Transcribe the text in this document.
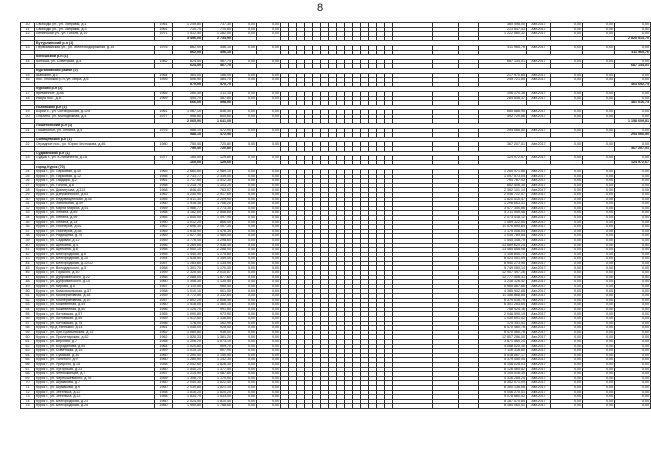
8
10	Свободы ул., ул. Заправы, д.1	1961	1 249,80	737,30	0,00	0,00																		365 498,00	Авг.2017	0,00	0,00	0,00	
11	Свободы ул., ул. Заправы, д.3	1961	734,70	714,60	0,00	0,00																		213 847,43	Авг.2017	0,00	0,00	0,00	
12	Ленинская ул., ул. Гоголя, д.10	1971	1 512,50	1 282,00	0,00	0,00																		1 222 560,32	Авг.2017	0,00	0,00	0,00	
			3 496,00	2 733,90																								2 820 513,70			
	Бутурлинский р-н (1)																												
13	Первомайская ул., ул. Железнодорожная, д.14	1976	862,00	456,10	0,00	0,00																		411 965,76	Авг.2017	0,00	0,00	0,00	
			862,00	456,10																								411 965,76			
	Коношский р-н (1)																												
14	Коноша, ул. Советская, д.5	1982	624,00	467,70	0,00	0,00																		687 134,01	Авг.2017	0,00	0,00	0,00	
			624,00	467,70																								687 134,01			
	Кургановский район (2)																												
15	Шапкино, д.1	1964	364,00	186,00	0,00	0,00																		217 970,85	Авг.2017	0,00	0,00	0,00	
16	пос. Лебяжий р-н, ул. Мира, д.6	1959	506,90	384,70	0,00	0,00																		245 721,89	Авг.2017	0,00	0,00	0,00	
			870,90	570,70																								463 692,74			
	Курский р-н (2)																												
17	Кремянное, д.88	1965	260,30	211,10	0,00	0,00																		196 170,36	Авг.2017	0,00	0,00	0,00	
18	Искра пос., д.8	1969	405,70	387,80	0,00	0,00																		284 846,37	Авг.2017	0,00	0,00	0,00	
			666,00	598,90																								481 016,73			
	Льговский р-н (2)																												
19	Борки с., ул. Октябрьская, д.125	1961	1 067,10	836,40	0,00	0,00																		665 888,95	Авг.2017	0,00	0,00	0,00	
20	Ольгино, ул. Молодёжная, д.4	1977	998,80	804,60	0,00	0,00																		492 720,86	Авг.2017	0,00	0,00	0,00	
			2 065,90	1 641,00																								1 158 609,81			
	Пошехонский р-н (1)																												
21	Пошехонье, ул. Ленина, д.5	1976	588,10	472,90	0,00	0,00																		294 066,50	Авг.2017	0,00	0,00	0,00	
			588,10	472,90																								294 066,50			
	Солнцевский р-н (1)																												
22	Отрадное пос., ул. Юрия Чеснокова, д.46	1980	750,40	720,80	0,00	0,00																		367 207,51	Авг.2017	0,00	0,00	0,00	
			750,40	720,80																								367 207,51			
	Суджанский р-н (1)																												
23	Суджа г., ул. К.Либкнехта, д.15	1977	160,00	129,60	0,00	0,00																		124 972,67	Авг.2017	0,00	0,00	0,00	
			160,00	129,60																								124 972,67			
	город Курск (70)																												
24	Курск г., ул. Парковая, д.40	1965	2 660,80	2 989,10	0,00	0,00																		1 255 971,68	Авг.2017	0,00	0,00	0,00	
25	Курск г., ул. Парковая, д.12	1958	2 733,77	2 339,00	0,00	0,00																		1 097 573,04	Авг.2017	0,00	0,00	0,00	
26	Курск г., ул. Гайдара, д.2	1961	1 717,60	1 512,30	0,00	0,00																		794 767,52	Авг.2017	0,00	0,00	0,00	
27	Курск г., ул. Гоголя, д.6	1958	1 215,70	1 103,20	0,00	0,00																		652 406,35	Авг.2017	0,00	0,00	0,00	
28	Курск г., ул. Димитрова, д.113	1968	846,40	763,07	0,00	0,00																		2 352 101,14	Авг.2017	0,00	0,00	0,00	
29	Курск г., ул. Дзержинского, д.63	1962	3 240,90	2 917,60	0,00	0,00																		2 046 722,07	Авг.2017	0,00	0,00	0,00	
30	Курск г., ул. Ендовищенская, д.35	1955	2 611,30	2 209,90	0,00	0,00																		1 820 510,47	Авг.2017	0,00	0,00	0,00	
31	Курск г., ул. Запольная, д.49	1960	1 916,30	1 708,20	0,00	0,00																		1 298 663,31	Авг.2017	0,00	0,00	0,00	
32	Курск г., ул. Карла Маркса, д.51	1959	1 986,77	1 773,30	0,00	0,00																		3 577 350,86	Авг.2017	0,00	0,00	0,00	
33	Курск г., ул. Ленина, д.89	1968	3 182,60	2 858,80	0,00	0,00																		5 211 059,48	Авг.2017	0,00	0,00	0,00	
34	Курск г., ул. Ленина, д.99	1965	1 640,00	1 497,90	0,00	0,00																		2 073 416,12	Авг.2017	0,00	0,00	0,00	
35	Курск г., ул. Ленина, д.14	1950	1 012,20	866,40	0,00	0,00																		1 069 322,64	Авг.2017	0,00	0,00	0,00	
36	Курск г., ул. Пионеров, д.62	1962	2 696,30	2 447,30	0,00	0,00																		11 576 695,84	Авг.2017	0,00	0,00	0,00	
37	Курск г., ул. Пионеров, д.58	1969	1 618,90	1 476,30	0,00	0,00																		1 175 006,04	Авг.2017	0,00	0,00	0,00	
38	Курск г., ул. Радищева, д.70	1969	1 627,40	1 485,50	0,00	0,00																		1 030 789,65	Авг.2017	0,00	0,00	0,00	
39	Курск г., ул. Садовая, д.12	1959	3 776,40	3 298,60	0,00	0,00																		1 545 348,75	Авг.2017	0,00	0,00	0,00	
40	Курск г., ул. Щепкина, д.4	1956	3 269,80	2 936,40	0,00	0,00																		13 689 620,24	Авг.2017	0,00	0,00	0,00	
41	Курск г., ул. Щепкина, д.6	1958	2 500,10	2 288,00	0,00	0,00																		13 465 858,98	Авг.2017	0,00	0,00	0,00	
42	Курск г., ул. Белгородская, д.8	1955	1 440,30	1 275,80	0,00	0,00																		1 108 840,72	Авг.2017	0,00	0,00	0,00	
43	Курск г., ул. Белгородская, д.10	1954	1 518,50	1 359,40	0,00	0,00																		8 423 051,49	Авг.2017	0,00	0,00	0,00	
44	Курск г., ул. Белгородская, д.12/12	1957	1 263,60	1 134,90	0,00	0,00																		8 940 273,95	Авг.2017	0,00	0,00	0,00	
45	Курск г., ул. Володарского, д.5	1958	1 301,70	1 170,30	0,00	0,00																		5 749 050,14	Авг.2017	0,00	0,00	0,00	
46	Курск г., ул. Горького, д.30	1959	2 326,40	2 010,87	0,00	0,00																		12 907 497,26	Авг.2017	0,00	0,00	0,00	
47	Курск г., ул. Дубровинского, д.22	1958	2 088,00	1 877,60	0,00	0,00																		12 777 506,41	Авг.2017	0,00	0,00	0,00	
48	Курск г., ул. Дубровинского, д.10	1960	1 306,30	1 135,50	0,00	0,00																		3 218 126,42	Авг.2017	0,00	0,00	0,00	
49	Курск г., ул. Кирова, д.8	1957	1 110,50	985,40	0,00	0,00																		5 960 567,66	Авг.2017	0,00	0,00	0,00	
50	Курск г., ул. Комсомольская, д.57	1958	1 010,10	901,50	0,00	0,00																		4 385 902,68	Авг.2017	0,00	0,00	0,00	
51	Курск г., ул. Кооперативная, д.18	1959	3 772,50	3 332,60	0,00	0,00																		11 356 868,85	Авг.2017	0,00	0,00	0,00	
52	Курск г., ул. Кооперативная, д.10	1957	2 802,20	2 506,30	0,00	0,00																		6 370 016,75	Авг.2017	0,00	0,00	0,00	
53	Курск г., ул. Кожевенная, д.54	1960	1 518,00	1 360,10	0,00	0,00																		6 301 283,64	Авг.2017	0,00	0,00	0,00	
54	Курск г., ул. Кожевенная, д.50	1956	1 126,70	991,60	0,00	0,00																		758 424,16	Авг.2017	0,00	0,00	0,00	
55	Курск г., ул. Литовская, д.57	1955	1 090,80	973,90	0,00	0,00																		2 046 590,19	Авг.2017	0,00	0,00	0,00	
56	Курск г., ул. Литовская, д.55	1959	1 512,60	1 338,80	0,00	0,00																		1 030 691,42	Авг.2017	0,00	0,00	0,00	
57	Курск г., ул. Литовская, д.75	1956	176,00	162,90	0,00	0,00																		175 351,51	Авг.2017	0,00	0,00	0,00	
58	Курск г., пр-д Узенький, д.14	1961	1 048,00	928,50	0,00	0,00																		6 470 460,78	Авг.2017	0,00	0,00	0,00	
59	Курск г., ул. Лрн.Братьевская, д.13	1962	1 060,80	936,00	0,00	0,00																		6 470 460,78	Авг.2017	0,00	0,00	0,00	
60	Курск г., ул. Пролетарская, д.62	1962	1 526,33	1 361,20	0,00	0,00																		12 807 286,00	Авг.2017	0,00	0,00	0,00	
61	Курск г., ул. Верхняя, д.7	1958	1 206,20	1 073,10	0,00	0,00																		3 671 560,24	Авг.2017	0,00	0,00	0,00	
62	Курск г., ул. Бородинова, д.55	1964	1 020,80	909,70	0,00	0,00																		4 088 020,30	Авг.2017	0,00	0,00	0,00	
63	Курск г., ул. Советская, д.15	1959	1 015,10	907,90	0,00	0,00																		7 116 316,60	Авг.2017	0,00	0,00	0,00	
64	Курск г., ул. Сумская, д.30	1960	1 290,40	1 150,50	0,00	0,00																		5 418 067,17	Авг.2017	0,00	0,00	0,00	
65	Курск г., ул. Толстого, д.9	1960	1 280,90	1 142,30	0,00	0,00																		5 379 450,05	Авг.2017	0,00	0,00	0,00	
66	Курск г., ул. Урицкого, д.15	1958	2 052,60	1 826,30	0,00	0,00																		6 148 028,03	Авг.2017	0,00	0,00	0,00	
67	Курск г., ул. Хуторская, д.23	1960	1 540,20	1 377,50	0,00	0,00																		8 126 460,82	Авг.2017	0,00	0,00	0,00	
68	Курск г., ул. Челюскинцев, д.7	1957	1 214,90	1 087,60	0,00	0,00																		4 105 516,39	Авг.2017	0,00	0,00	0,00	
69	Курск г., ул. Чернышевского, д.76	1959	1 308,70	1 170,00	0,00	0,00																		4 316 285,24	Авг.2017	0,00	0,00	0,00	
70	Курск г., ул. Шумакова, д.7	1960	2 040,30	1 822,40	0,00	0,00																		8 302 071,09	Авг.2017	0,00	0,00	0,00	
71	Курск г., ул. Шумакова, д.9	1960	2 039,80	1 821,10	0,00	0,00																		8 300 136,06	Авг.2017	0,00	0,00	0,00	
72	Курск г., ул. Энгельса, д.12	1958	1 816,20	1 620,20	0,00	0,00																		9 046 270,41	Авг.2017	0,00	0,00	0,00	
73	Курск г., ул. Энгельса, д.13	1958	1 834,70	1 633,00	0,00	0,00																		9 078 860,52	Авг.2017	0,00	0,00	0,00	
74	Курск г., ул. Белгородская, д.23	1960	2 024,50	1 810,40	0,00	0,00																		8 187 070,89	Авг.2017	0,00	0,00	0,00	
75	Курск г., ул. Белгородская, д.25	1960	1 999,80	1 788,60	0,00	0,00																		8 184 060,41	Авг.2017	0,00	0,00	0,00	
